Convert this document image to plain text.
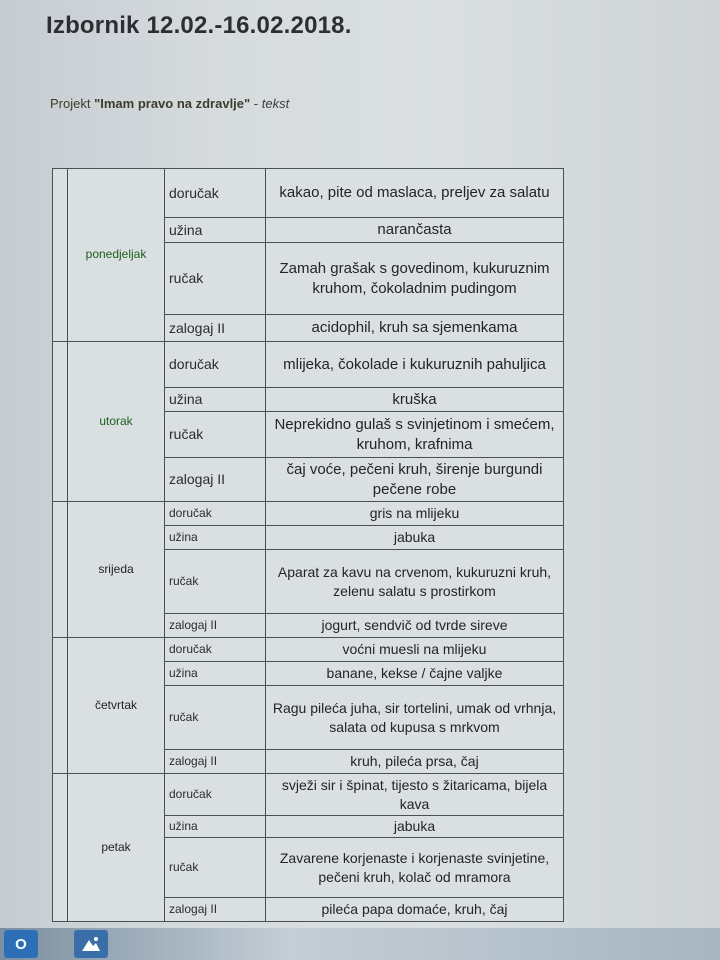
Izbornik 12.02.-16.02.2018.
Projekt "Imam pravo na zdravlje" - tekst
	ponedjeljak	doručak	kakao, pite od maslaca, preljev za salatu
		užina	narančasta
		ručak	Zamah grašak s govedinom, kukuruznim kruhom, čokoladnim pudingom
		zalogaj II	acidophil, kruh sa sjemenkama
	utorak	doručak	mlijeka, čokolade i kukuruznih pahuljica
		užina	kruška
		ručak	Neprekidno gulaš s svinjetinom i smećem, kruhom, krafnima
		zalogaj II	čaj voće, pečeni kruh, širenje burgundi pečene robe
	srijeda	doručak	gris na mlijeku
		užina	jabuka
		ručak	Aparat za kavu na crvenom, kukuruzni kruh, zelenu salatu s prostirkom
		zalogaj II	jogurt, sendvič od tvrde sireve
	četvrtak	doručak	voćni muesli na mlijeku
		užina	banane, kekse / čajne valjke
		ručak	Ragu pileća juha, sir tortelini, umak od vrhnja, salata od kupusa s mrkvom
		zalogaj II	kruh, pileća prsa, čaj
	petak	doručak	svježi sir i špinat, tijesto s žitaricama, bijela kava
		užina	jabuka
		ručak	Zavarene korjenaste i korjenaste svinjetine, pečeni kruh, kolač od mramora
		zalogaj II	pileća papa domaće, kruh, čaj
O
